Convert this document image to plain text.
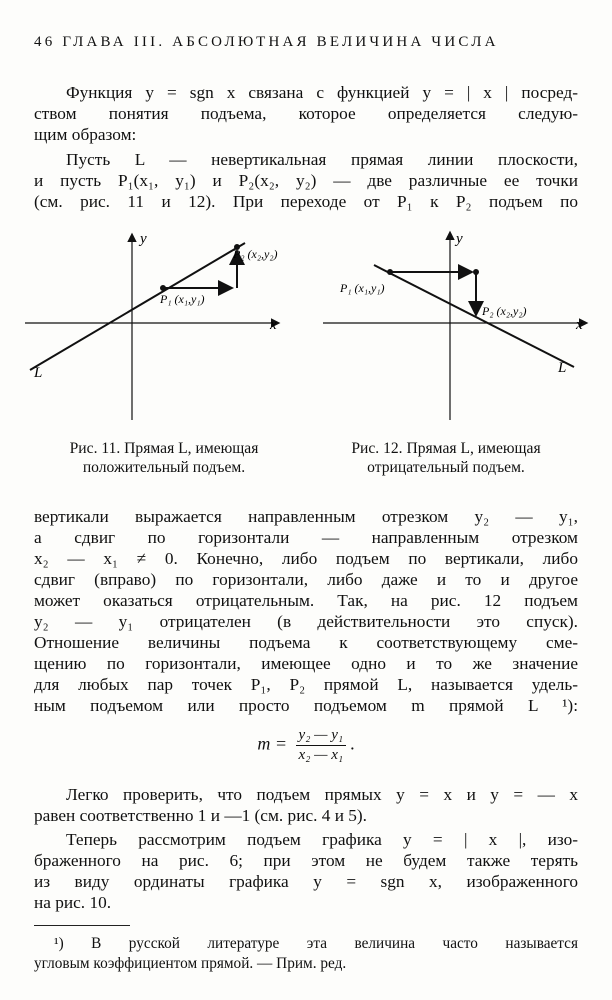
46 ГЛАВА III. АБСОЛЮТНАЯ ВЕЛИЧИНА ЧИСЛА
Функция y = sgn x связана с функцией y = | x | посред-
ством понятия подъема, которое определяется следую-
щим образом:
Пусть L — невертикальная прямая линии плоскости,
и пусть P₁(x₁, y₁) и P₂(x₂, y₂) — две различные ее точки
(см. рис. 11 и 12). При переходе от P₁ к P₂ подъем по
y
x
L
P₁ (x₁,y₁)
P₂ (x₂,y₂)
y
x
L
P₁ (x₁,y₁)
P₂ (x₂,y₂)
Рис. 11. Прямая L, имеющая
положительный подъем.
Рис. 12. Прямая L, имеющая
отрицательный подъем.
вертикали выражается направленным отрезком y₂ — y₁,
а сдвиг по горизонтали — направленным отрезком
x₂ — x₁ ≠ 0. Конечно, либо подъем по вертикали, либо
сдвиг (вправо) по горизонтали, либо даже и то и другое
может оказаться отрицательным. Так, на рис. 12 подъем
y₂ — y₁ отрицателен (в действительности это спуск).
Отношение величины подъема к соответствующему сме-
щению по горизонтали, имеющее одно и то же значение
для любых пар точек P₁, P₂ прямой L, называется удель-
ным подъемом или просто подъемом m прямой L ¹):
$m = \frac{\text{y₂ — y₁}}{\text{x₂ — x₁}}$ .
Легко проверить, что подъем прямых y = x и y = — x
равен соответственно 1 и —1 (см. рис. 4 и 5).
Теперь рассмотрим подъем графика y = | x |, изо-
браженного на рис. 6; при этом не будем также терять
из виду ординаты графика y = sgn x, изображенного
на рис. 10.
¹) В русской литературе эта величина часто называется
угловым коэффициентом прямой. — Прим. ред.
